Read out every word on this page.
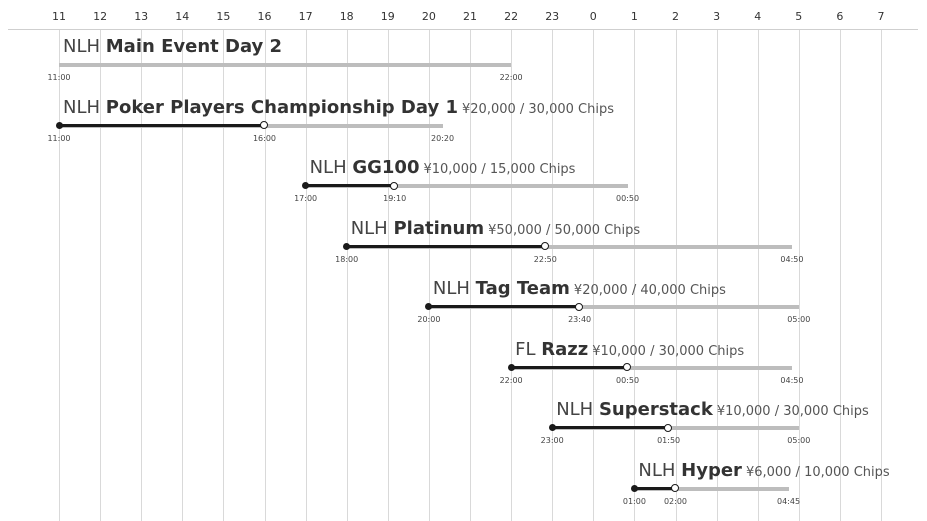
11	12	13	14	15	16	17	18	19	20	21	22	23	0	1	2	3	4	5	6	7
NLH Main Event Day 2
11:00	22:00
NLH Poker Players Championship Day 1 ¥20,000 / 30,000 Chips
16:00
11:00	20:20
NLH GG100 ¥10,000 / 15,000 Chips
19:10
17:00	00:50
NLH Platinum ¥50,000 / 50,000 Chips
22:50
18:00	04:50
NLH Tag Team ¥20,000 / 40,000 Chips
23:40
20:00	05:00
FL Razz ¥10,000 / 30,000 Chips
00:50
22:00	04:50
NLH Superstack ¥10,000 / 30,000 Chips
01:50
23:00	05:00
NLH Hyper ¥6,000 / 10,000 Chips
02:00
01:00	04:45
